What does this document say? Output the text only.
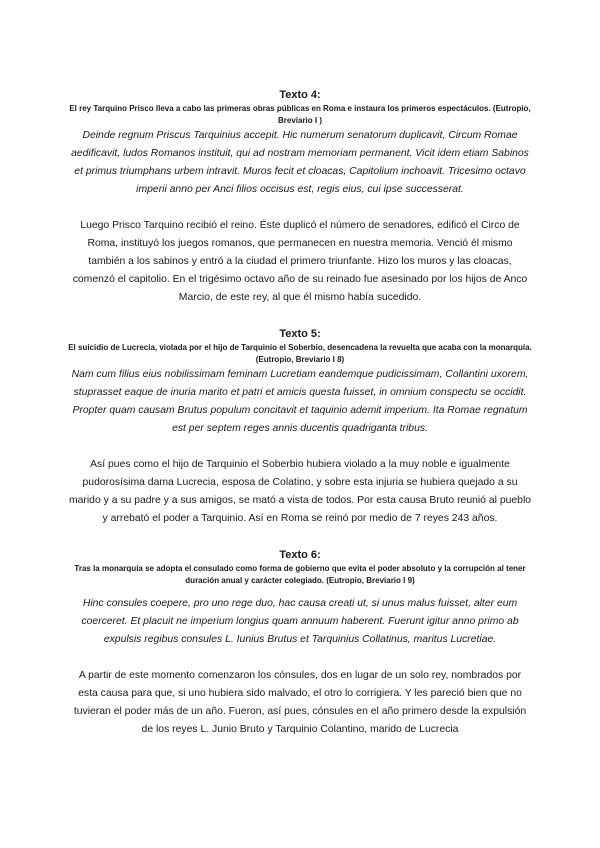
Texto 4:

El rey Tarquino Prisco lleva a cabo las primeras obras públicas en Roma e instaura los primeros espectáculos. (Eutropio, Breviario I )

Deinde regnum Priscus Tarquinius accepit. Hic numerum senatorum duplicavit, Circum Romae aedificavit, ludos Romanos instituit, qui ad nostram memoriam permanent. Vicit idem etiam Sabinos et primus triumphans urbem intravit. Muros fecit et cloacas, Capitolium inchoavit. Tricesimo octavo imperii anno per Anci filios occisus est, regis eius, cui ipse successerat.

Luego Prisco Tarquino recibió el reino. Éste duplicó el número de senadores, edificó el Circo de Roma, instituyó los juegos romanos, que permanecen en nuestra memoria. Venció él mismo también a los sabinos y entró a la ciudad el primero triunfante. Hizo los muros y las cloacas, comenzó el capitolio. En el trigésimo octavo año de su reinado fue asesinado por los hijos de Anco Marcio, de este rey, al que él mismo había sucedido.

Texto 5:

El suicidio de Lucrecia, violada por el hijo de Tarquinio el Soberbio, desencadena la revuelta que acaba con la monarquía. (Eutropio, Breviario I 8)

Nam cum filius eius nobilissimam feminam Lucretiam eandemque pudicissimam, Collantini uxorem, stuprasset eaque de inuria marito et patri et amicis questa fuisset, in omnium conspectu se occidit. Propter quam causam Brutus populum concitavit et taquinio ademit imperium. Ita Romae regnatum est per septem reges annis ducentis quadriganta tribus.

Así pues como el hijo de Tarquinio el Soberbio hubiera violado a la muy noble e igualmente pudorosísima dama Lucrecia, esposa de Colatino, y sobre esta injuria se hubiera quejado a su marido y a su padre y a sus amigos, se mató a vista de todos. Por esta causa Bruto reunió al pueblo y arrebató el poder a Tarquinio. Así en Roma se reinó por medio de 7 reyes 243 años.

Texto 6:

Tras la monarquía se adopta el consulado como forma de gobierno que evita el poder absoluto y la corrupción al tener duración anual y carácter colegiado. (Eutropio, Breviario I 9)

Hinc consules coepere, pro uno rege duo, hac causa creati ut, si unus malus fuisset, alter eum coerceret. Et placuit ne imperium longius quam annuum haberent. Fuerunt igitur anno primo ab expulsis regibus consules L. Iunius Brutus et Tarquinius Collatinus, maritus Lucretiae.

A partir de este momento comenzaron los cónsules, dos en lugar de un solo rey, nombrados por esta causa para que, si uno hubiera sido malvado, el otro lo corrigiera. Y les pareció bien que no tuvieran el poder más de un año. Fueron, así pues, cónsules en el año primero desde la expulsión de los reyes L. Junio Bruto y Tarquinio Colantino, marido de Lucrecia
